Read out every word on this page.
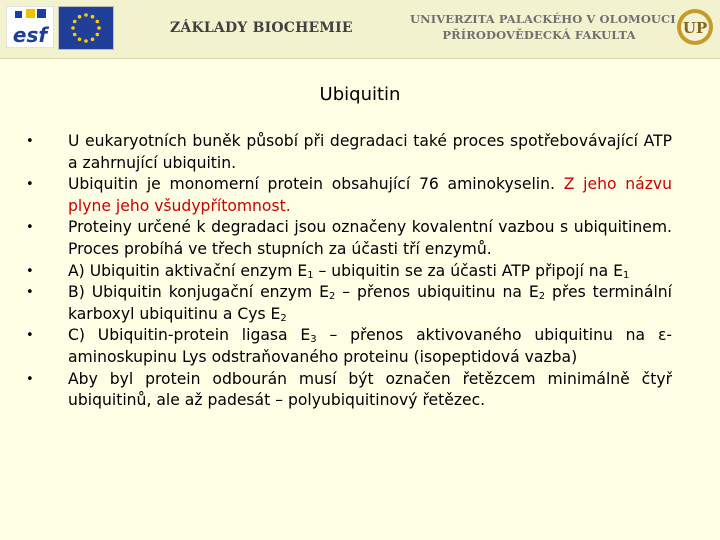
esf	ZÁKLADY BIOCHEMIE
UNIVERZITA PALACKÉHO V OLOMOUCI
PŘÍRODOVĚDECKÁ FAKULTA	UP
Ubiquitin
• U eukaryotních buněk působí při degradaci také proces spotřebovávající ATP a zahrnující ubiquitin.
• Ubiquitin je monomerní protein obsahující 76 aminokyselin. Z jeho názvu plyne jeho všudypřítomnost.
• Proteiny určené k degradaci jsou označeny kovalentní vazbou s ubiquitinem. Proces probíhá ve třech stupních za účasti tří enzymů.
• A) Ubiquitin aktivační enzym $E_1$ – ubiquitin se za účasti ATP připojí na $E_1$
• B) Ubiquitin konjugační enzym $E_2$ – přenos ubiquitinu na $E_2$ přes terminální karboxyl ubiquitinu a Cys $E_2$
• C) Ubiquitin-protein ligasa $E_3$ – přenos aktivovaného ubiquitinu na ε-aminoskupinu Lys odstraňovaného proteinu (isopeptidová vazba)
• Aby byl protein odbourán musí být označen řetězcem minimálně čtyř ubiquitinů, ale až padesát – polyubiquitinový řetězec.
